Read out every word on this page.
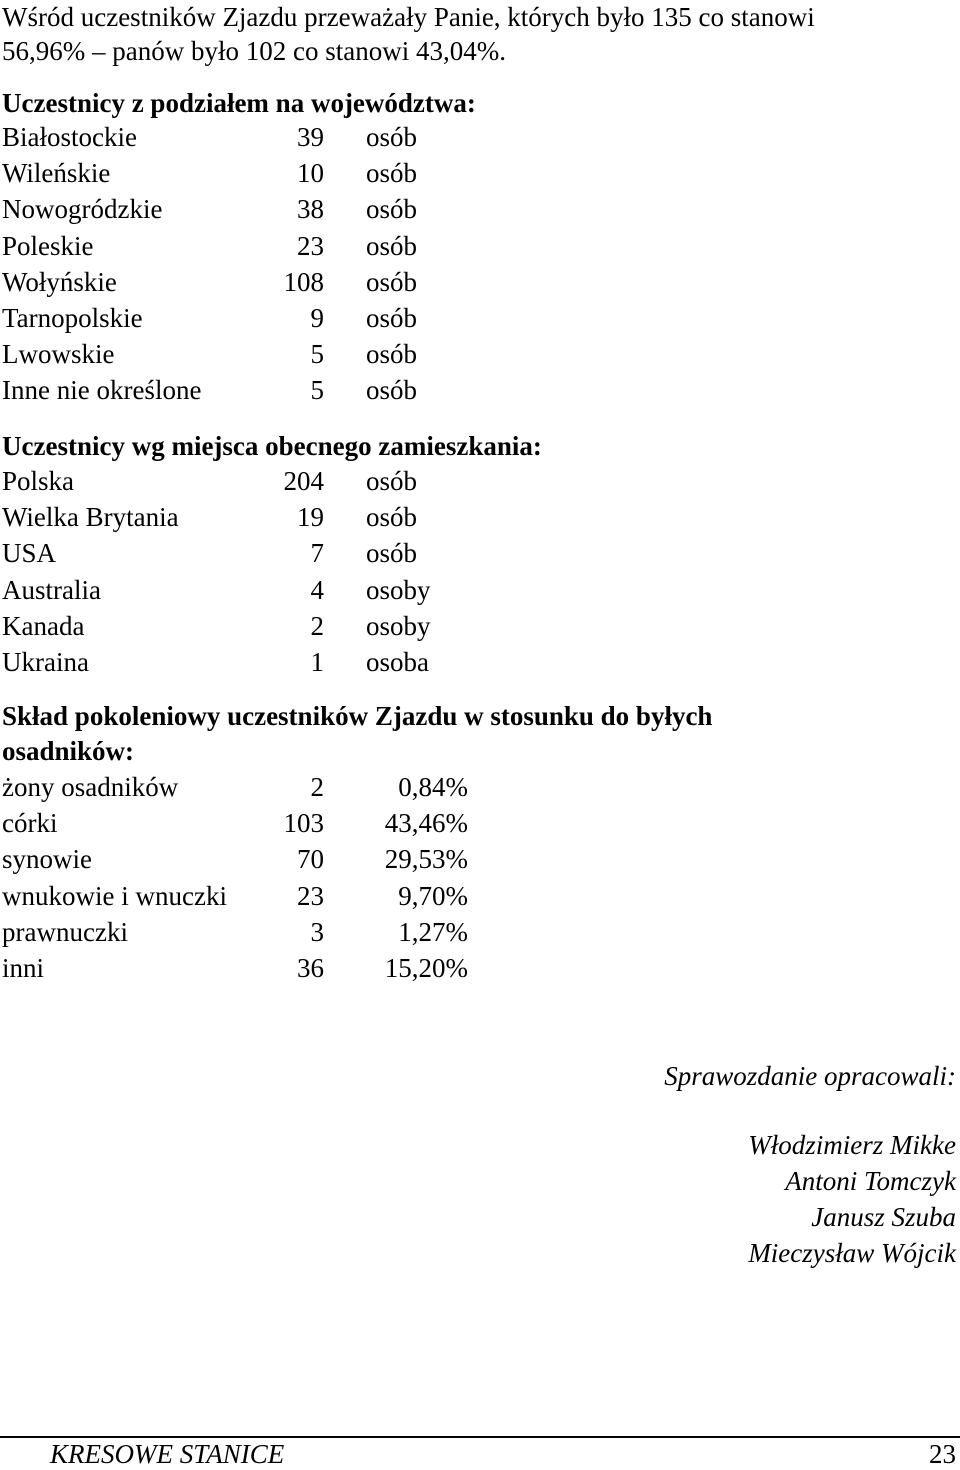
Wśród uczestników Zjazdu przeważały Panie, których było 135 co stanowi
56,96% – panów było 102 co stanowi 43,04%.
Uczestnicy z podziałem na województwa:
Białostockie	39 osób
Wileńskie	10 osób
Nowogródzkie	38 osób
Poleskie	23 osób
Wołyńskie	108 osób
Tarnopolskie	9 osób
Lwowskie	5 osób
Inne nie określone	5 osób
Uczestnicy wg miejsca obecnego zamieszkania:
Polska	204 osób
Wielka Brytania	19 osób
USA	7 osób
Australia	4 osoby
Kanada	2 osoby
Ukraina	1 osoba
Skład pokoleniowy uczestników Zjazdu w stosunku do byłych
osadników:
żony osadników	2	0,84%
córki	103	43,46%
synowie	70	29,53%
wnukowie i wnuczki	23	9,70%
prawnuczki	3	1,27%
inni	36	15,20%
Sprawozdanie opracowali:
Włodzimierz Mikke
Antoni Tomczyk
Janusz Szuba
Mieczysław Wójcik
KRESOWE STANICE	23
